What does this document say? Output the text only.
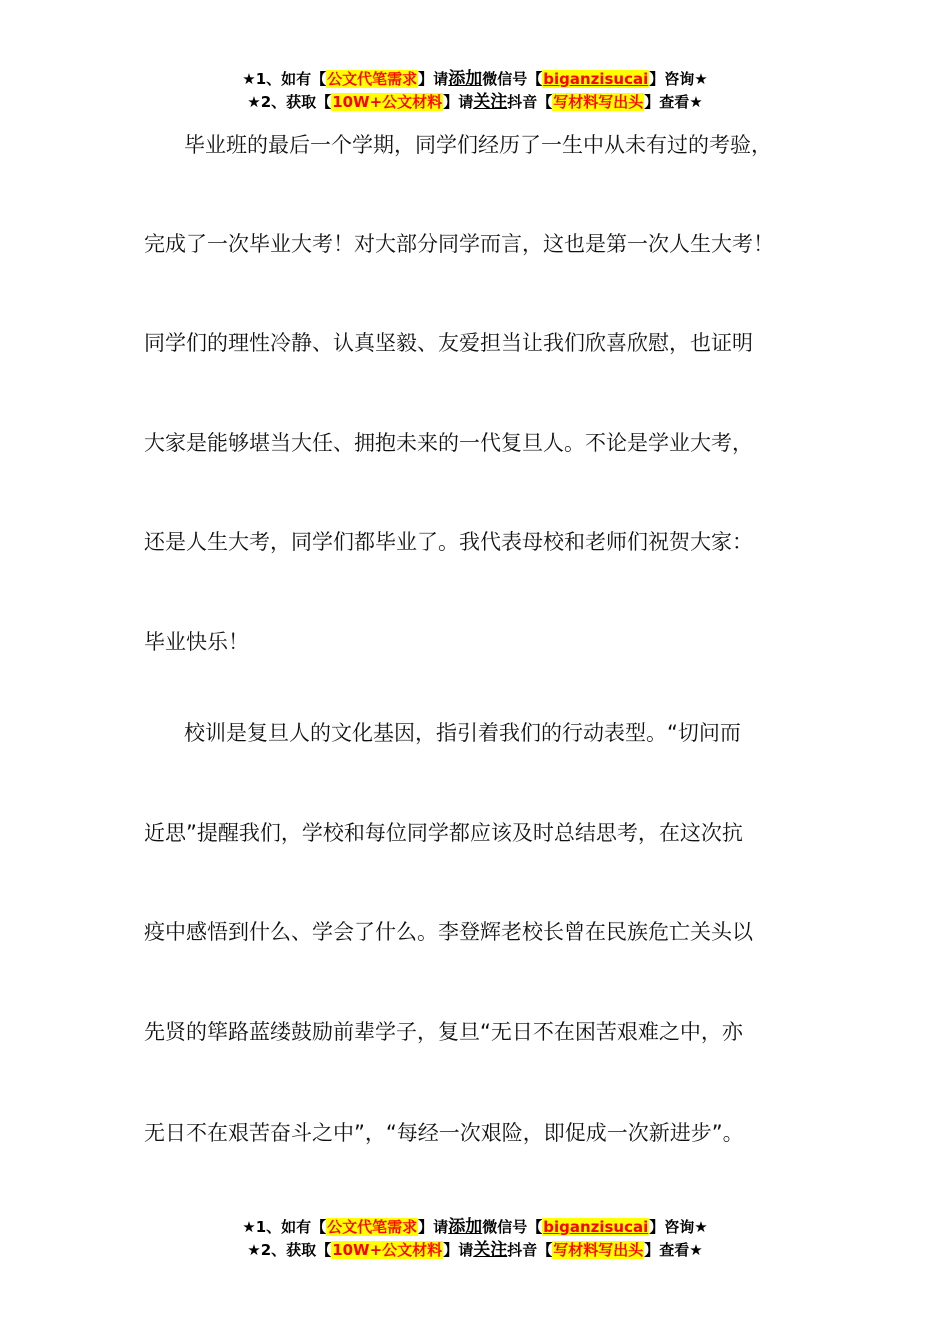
★1、如有【公文代笔需求】请添加微信号【biganzisucai】咨询★
★2、获取【10W+公文材料】请关注抖音【写材料写出头】查看★
毕业班的最后一个学期，同学们经历了一生中从未有过的考验，
完成了一次毕业大考！对大部分同学而言，这也是第一次人生大考！
同学们的理性冷静、认真坚毅、友爱担当让我们欣喜欣慰，也证明
大家是能够堪当大任、拥抱未来的一代复旦人。不论是学业大考，
还是人生大考，同学们都毕业了。我代表母校和老师们祝贺大家：
毕业快乐！
校训是复旦人的文化基因，指引着我们的行动表型。“切问而
近思”提醒我们，学校和每位同学都应该及时总结思考，在这次抗
疫中感悟到什么、学会了什么。李登辉老校长曾在民族危亡关头以
先贤的筚路蓝缕鼓励前辈学子，复旦“无日不在困苦艰难之中，亦
无日不在艰苦奋斗之中”，“每经一次艰险，即促成一次新进步”。
★1、如有【公文代笔需求】请添加微信号【biganzisucai】咨询★
★2、获取【10W+公文材料】请关注抖音【写材料写出头】查看★
